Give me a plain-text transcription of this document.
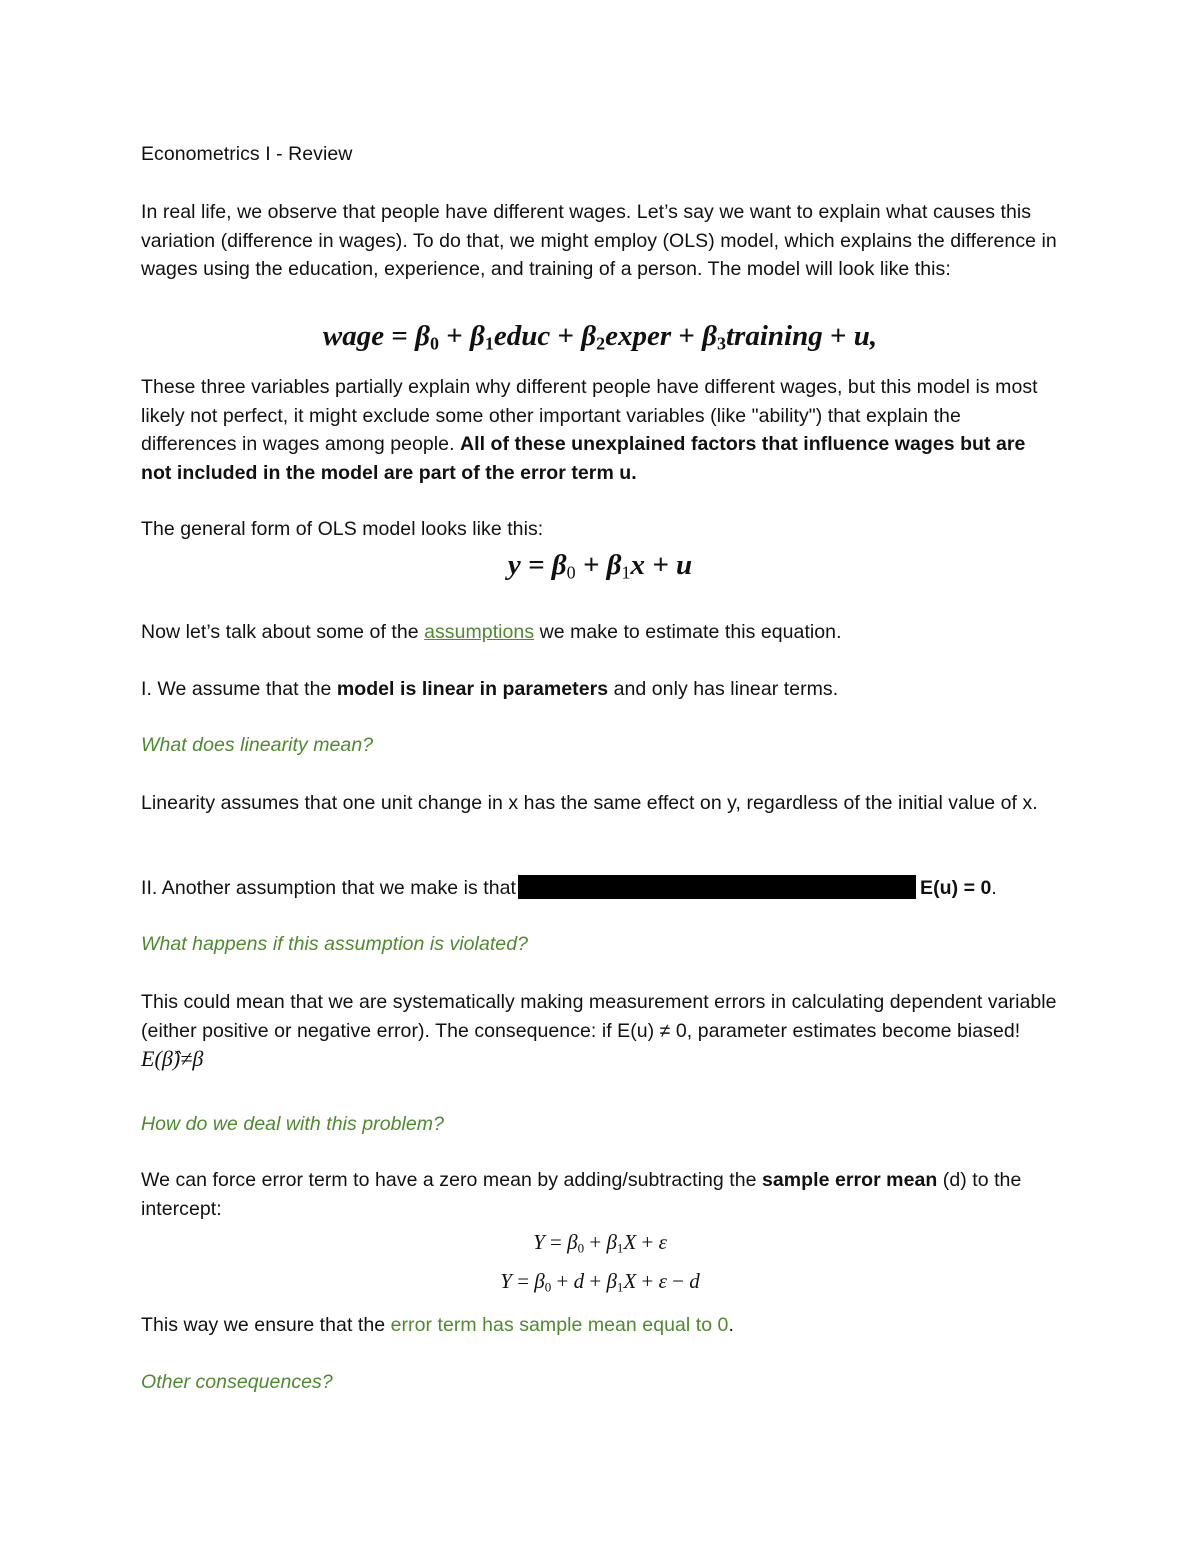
Econometrics I - Review

In real life, we observe that people have different wages. Let’s say we want to explain what causes this variation (difference in wages). To do that, we might employ (OLS) model, which explains the difference in wages using the education, experience, and training of a person. The model will look like this:

wage = $\beta_0$ + $\beta_1educ$ + $\beta_2exper$ + $\beta_3training + u$,

These three variables partially explain why different people have different wages, but this model is most likely not perfect, it might exclude some other important variables (like "ability") that explain the differences in wages among people. All of these unexplained factors that influence wages but are not included in the model are part of the error term u.

The general form of OLS model looks like this:

$y = \beta_0 + \beta_1x + u$

Now let’s talk about some of the assumptions we make to estimate this equation.

I. We assume that the model is linear in parameters and only has linear terms.

What does linearity mean?

Linearity assumes that one unit change in x has the same effect on y, regardless of the initial value of x.

II. Another assumption that we make is that	E(u) = 0.

What happens if this assumption is violated?

This could mean that we are systematically making measurement errors in calculating dependent variable (either positive or negative error). The consequence: if E(u) ≠ 0, parameter estimates become biased! E(β̂)≠β

How do we deal with this problem?

We can force error term to have a zero mean by adding/subtracting the sample error mean (d) to the intercept:

$Y = \beta_0 + \beta_1X + \varepsilon$
$Y = \beta_0 + d + \beta_1X + \varepsilon - d$

This way we ensure that the error term has sample mean equal to 0.

Other consequences?
